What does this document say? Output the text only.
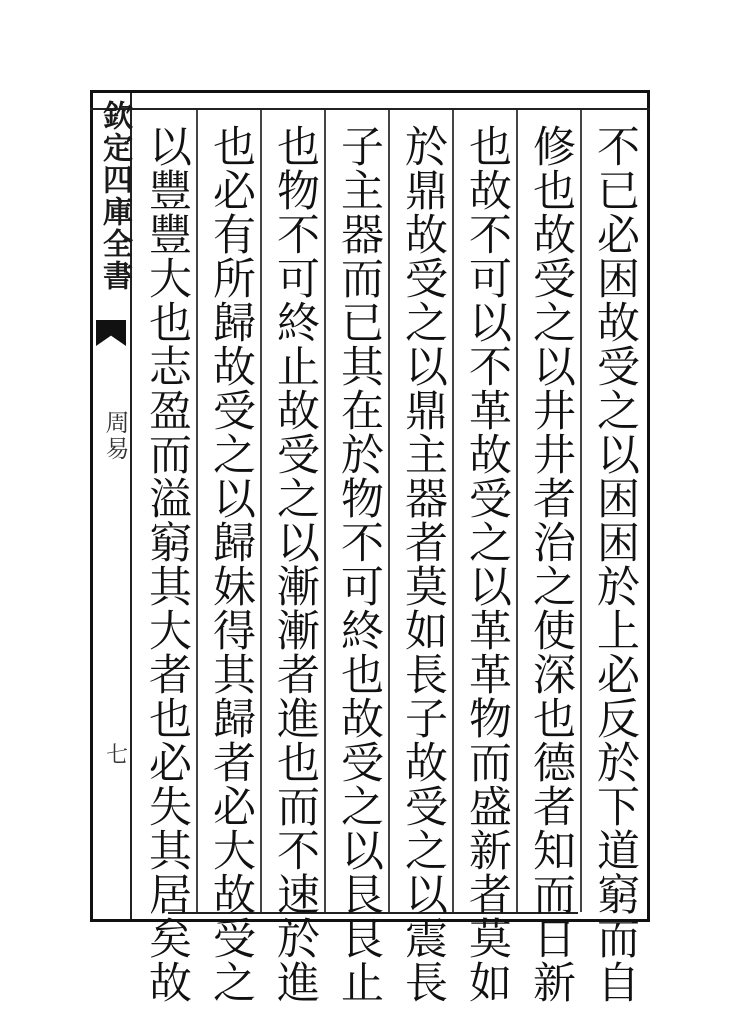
欽定四庫全書
周易
七	不已必困故受之以困困於上必反於下道窮而自
修也故受之以井井者治之使深也德者知而日新
也故不可以不革故受之以革革物而盛新者莫如
於鼎故受之以鼎主器者莫如長子故受之以震長
子主器而已其在於物不可終也故受之以艮艮止
也物不可終止故受之以漸漸者進也而不速於進
也必有所歸故受之以歸妹得其歸者必大故受之
以豐豐大也志盈而溢窮其大者也必失其居矣故
